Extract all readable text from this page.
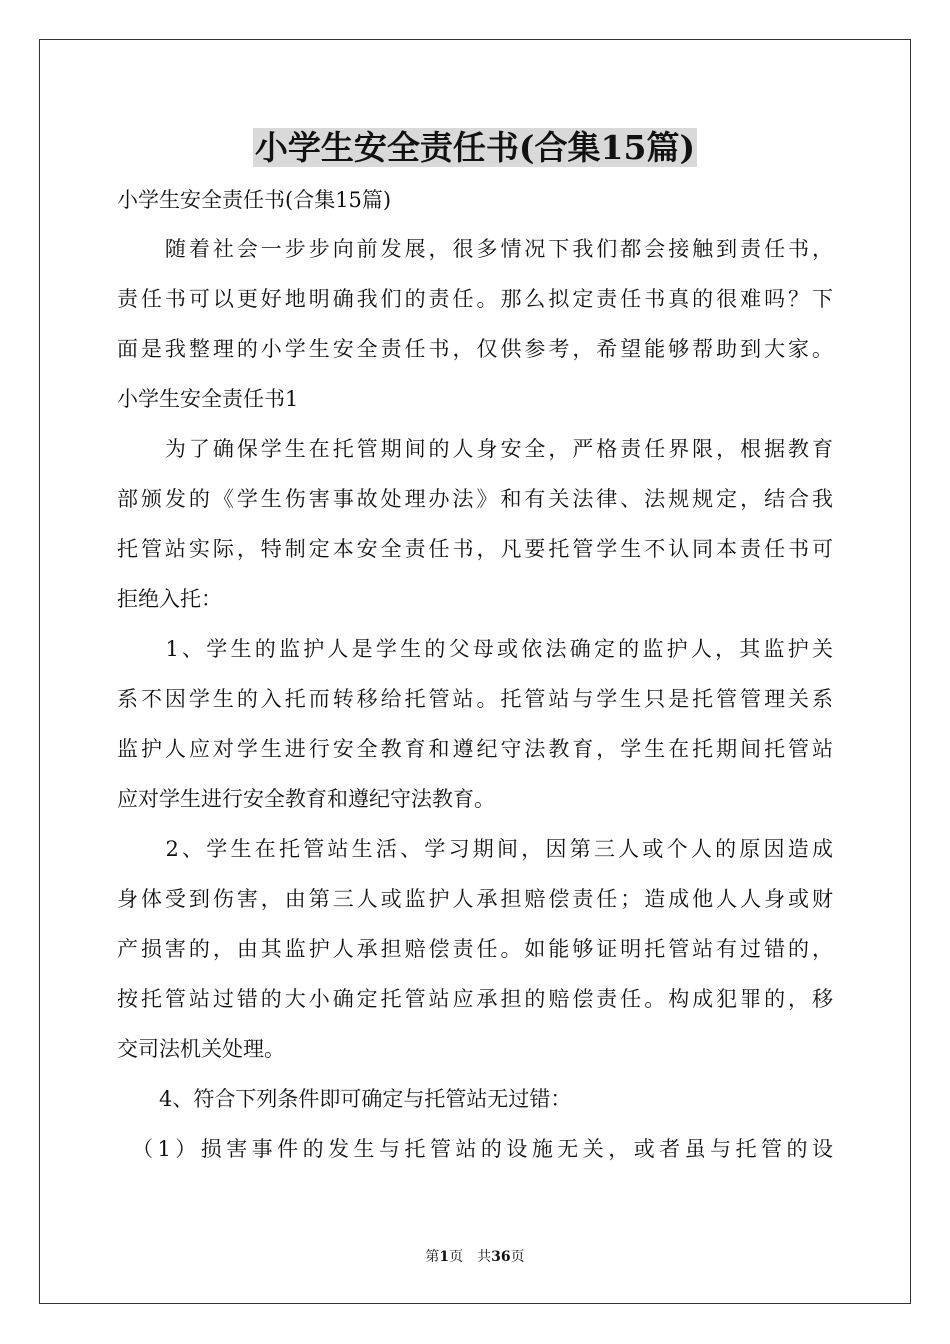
小学生安全责任书(合集15篇)
小学生安全责任书(合集15篇)
　　随着社会一步步向前发展，很多情况下我们都会接触到责任书，
责任书可以更好地明确我们的责任。那么拟定责任书真的很难吗？下
面是我整理的小学生安全责任书，仅供参考，希望能够帮助到大家。
小学生安全责任书1
　　为了确保学生在托管期间的人身安全，严格责任界限，根据教育
部颁发的《学生伤害事故处理办法》和有关法律、法规规定，结合我
托管站实际，特制定本安全责任书，凡要托管学生不认同本责任书可
拒绝入托：
　　1、学生的监护人是学生的父母或依法确定的监护人，其监护关
系不因学生的入托而转移给托管站。托管站与学生只是托管管理关系
监护人应对学生进行安全教育和遵纪守法教育，学生在托期间托管站
应对学生进行安全教育和遵纪守法教育。
　　2、学生在托管站生活、学习期间，因第三人或个人的原因造成
身体受到伤害，由第三人或监护人承担赔偿责任；造成他人人身或财
产损害的，由其监护人承担赔偿责任。如能够证明托管站有过错的，
按托管站过错的大小确定托管站应承担的赔偿责任。构成犯罪的，移
交司法机关处理。
　　4、符合下列条件即可确定与托管站无过错：
　（1）损害事件的发生与托管站的设施无关，或者虽与托管的设
第1页　共36页
